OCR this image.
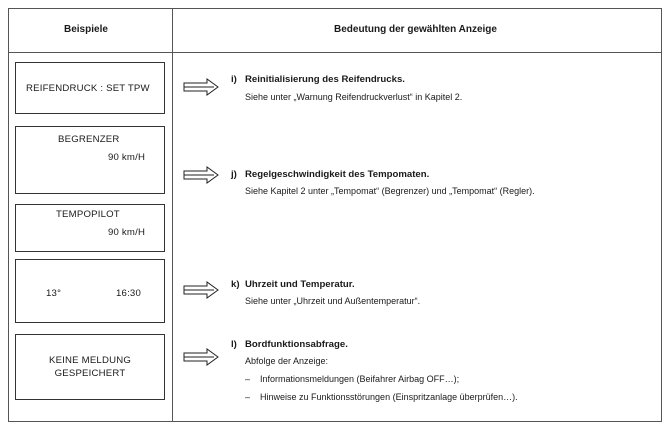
Beispiele	Bedeutung der gewählten Anzeige
REIFENDRUCK : SET TPW
BEGRENZER
90 km/H
TEMPOPILOT
90 km/H
13°	16:30
KEINE MELDUNG
GESPEICHERT
i) Reinitialisierung des Reifendrucks.
Siehe unter „Warnung Reifendruckverlust“ in Kapitel 2.
j) Regelgeschwindigkeit des Tempomaten.
Siehe Kapitel 2 unter „Tempomat“ (Begrenzer) und „Tempomat“ (Regler).
k) Uhrzeit und Temperatur.
Siehe unter „Uhrzeit und Außentemperatur“.
l) Bordfunktionsabfrage.
Abfolge der Anzeige:
– Informationsmeldungen (Beifahrer Airbag OFF…);
– Hinweise zu Funktionsstörungen (Einspritzanlage überprüfen…).
